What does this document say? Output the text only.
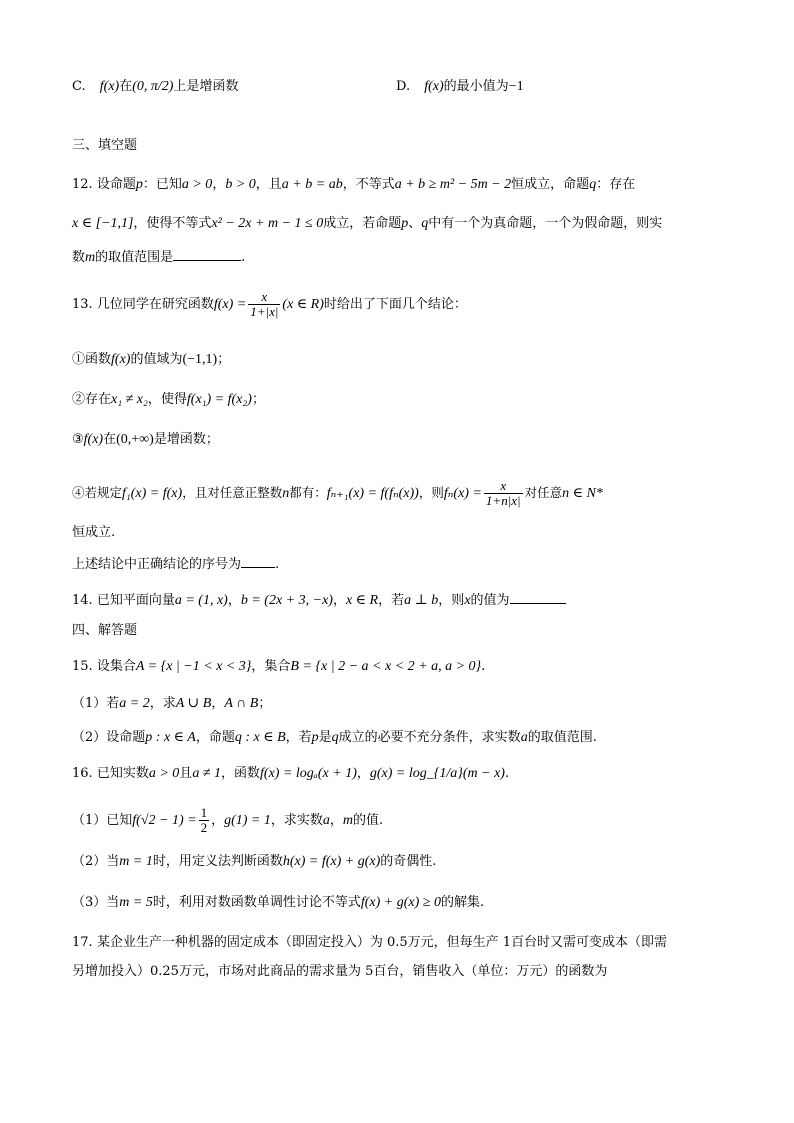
C. f(x)在(0, π/2)上是增函数	D. f(x)的最小值为−1
三、填空题
12. 设命题p：已知a > 0，b > 0，且a + b = ab，不等式a + b ≥ m² − 5m − 2恒成立，命题q：存在
x ∈ [−1,1]，使得不等式x² − 2x + m − 1 ≤ 0成立，若命题p、q中有一个为真命题，一个为假命题，则实
数m的取值范围是	.
13. 几位同学在研究函数$f(x) = \frac{x}{1+|x|} (x$ ∈ R)时给出了下面几个结论：
①函数f(x)的值域为(−1,1)；
②存在x₁ ≠ x₂，使得f(x₁) = f(x₂)；
③f(x)在(0,+∞)是增函数；
④若规定f₁(x) = f(x)，且对任意正整数n都有：fₙ₊₁(x) = f(fₙ(x))，则$f_n(x) = \frac{x}{1+n|x|}$ 对任意n ∈ N*
恒成立.
上述结论中正确结论的序号为	.
14. 已知平面向量a = (1, x)，b = (2x + 3, −x)，x ∈ R，若a ⊥ b，则x的值为
四、解答题
15. 设集合A = {x | −1 < x < 3}，集合B = {x | 2 − a < x < 2 + a, a > 0}.
（1）若a = 2，求A ∪ B，A ∩ B；
（2）设命题p : x ∈ A，命题q : x ∈ B，若p是q成立的必要不充分条件，求实数a的取值范围.
16. 已知实数a > 0且a ≠ 1，函数f(x) = logₐ(x + 1)，g(x) = log_{1/a}(m − x).
（1）已知$f(√2 - 1) = \frac{1}{2}$ ，g(1) = 1，求实数a，m的值.
（2）当m = 1时，用定义法判断函数h(x) = f(x) + g(x)的奇偶性.
（3）当m = 5时，利用对数函数单调性讨论不等式f(x) + g(x) ≥ 0的解集.
17. 某企业生产一种机器的固定成本（即固定投入）为 0.5万元，但每生产 1百台时又需可变成本（即需
另增加投入）0.25万元，市场对此商品的需求量为 5百台，销售收入（单位：万元）的函数为
